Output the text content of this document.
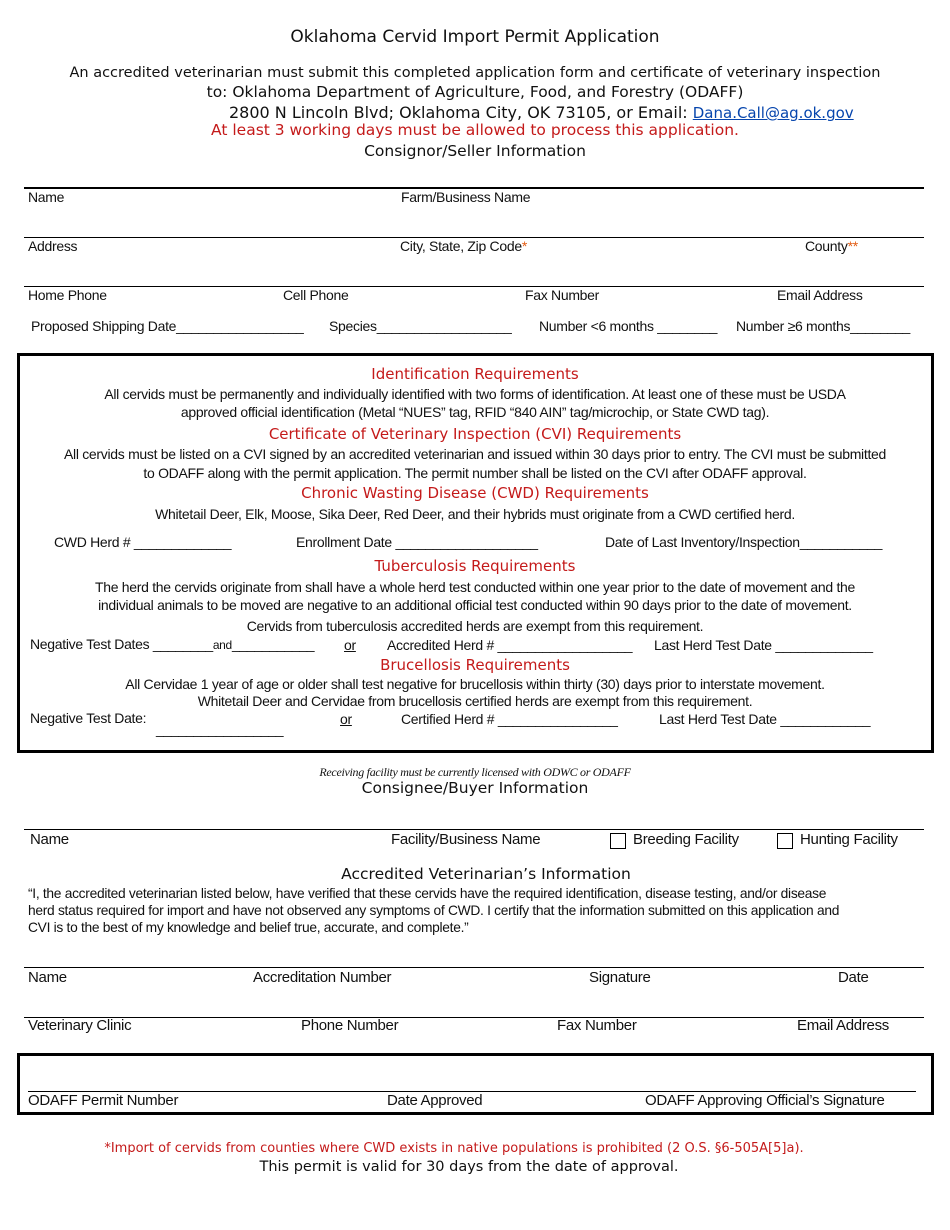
Oklahoma Cervid Import Permit Application
An accredited veterinarian must submit this completed application form and certificate of veterinary inspection
to: Oklahoma Department of Agriculture, Food, and Forestry (ODAFF)
2800 N Lincoln Blvd; Oklahoma City, OK 73105, or Email: Dana.Call@ag.ok.gov
At least 3 working days must be allowed to process this application.
Consignor/Seller Information
Name	Farm/Business Name
Address	City, State, Zip Code*	County**
Home Phone	Cell Phone	Fax Number	Email Address
Proposed Shipping Date_________________ Species__________________ Number <6 months ________ Number ≥6 months________
Identification Requirements
All cervids must be permanently and individually identified with two forms of identification. At least one of these must be USDA
approved official identification (Metal “NUES” tag, RFID “840 AIN” tag/microchip, or State CWD tag).
Certificate of Veterinary Inspection (CVI) Requirements
All cervids must be listed on a CVI signed by an accredited veterinarian and issued within 30 days prior to entry. The CVI must be submitted
to ODAFF along with the permit application. The permit number shall be listed on the CVI after ODAFF approval.
Chronic Wasting Disease (CWD) Requirements
Whitetail Deer, Elk, Moose, Sika Deer, Red Deer, and their hybrids must originate from a CWD certified herd.
CWD Herd # _____________	Enrollment Date ___________________	Date of Last Inventory/Inspection___________
Tuberculosis Requirements
The herd the cervids originate from shall have a whole herd test conducted within one year prior to the date of movement and the
individual animals to be moved are negative to an additional official test conducted within 90 days prior to the date of movement.
Cervids from tuberculosis accredited herds are exempt from this requirement.
Negative Test Dates ________and___________ or Accredited Herd # __________________ Last Herd Test Date _____________
Brucellosis Requirements
All Cervidae 1 year of age or older shall test negative for brucellosis within thirty (30) days prior to interstate movement.
Whitetail Deer and Cervidae from brucellosis certified herds are exempt from this requirement.
Negative Test Date:
_________________
or	Certified Herd # ________________	Last Herd Test Date ____________
Receiving facility must be currently licensed with ODWC or ODAFF
Consignee/Buyer Information
Name	Facility/Business Name	Breeding Facility	Hunting Facility
Accredited Veterinarian’s Information
“I, the accredited veterinarian listed below, have verified that these cervids have the required identification, disease testing, and/or disease
herd status required for import and have not observed any symptoms of CWD. I certify that the information submitted on this application and
CVI is to the best of my knowledge and belief true, accurate, and complete.”
Name	Accreditation Number	Signature	Date
Veterinary Clinic	Phone Number	Fax Number	Email Address
ODAFF Permit Number	Date Approved	ODAFF Approving Official’s Signature
*Import of cervids from counties where CWD exists in native populations is prohibited (2 O.S. §6-505A[5]a).
This permit is valid for 30 days from the date of approval.
